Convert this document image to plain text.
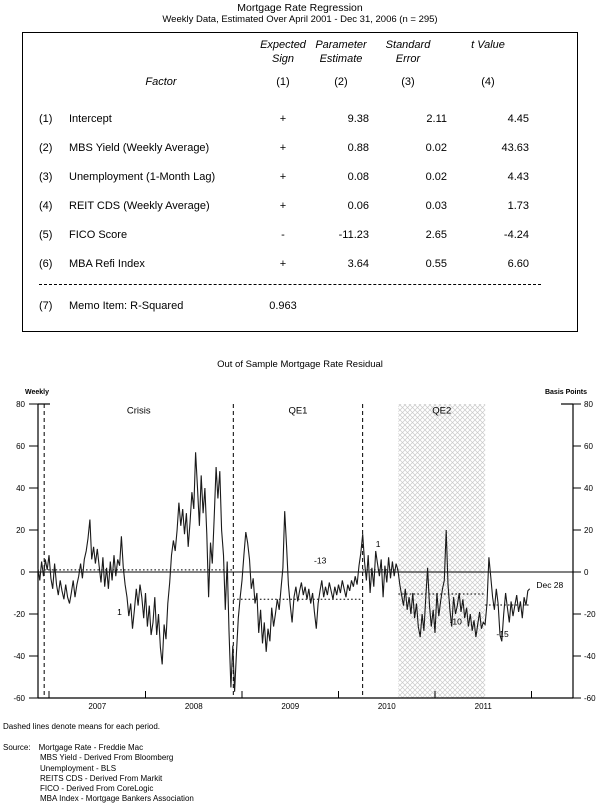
Mortgage Rate Regression
Weekly Data, Estimated Over April 2001 - Dec 31, 2006 (n = 295)
Expected Parameter	Standard	t Value
Sign	Estimate	Error
Factor	(1)	(2)	(3)	(4)
(1)	Intercept	+	9.38	2.11	4.45
(2)	MBS Yield (Weekly Average)	+	0.88	0.02	43.63
(3)	Unemployment (1-Month Lag)	+	0.08	0.02	4.43
(4)	REIT CDS (Weekly Average)	+	0.06	0.03	1.73
(5)	FICO Score	-	-11.23	2.65	-4.24
(6)	MBA Refi Index	+	3.64	0.55	6.60
(7)	Memo Item: R-Squared	0.963
80	80
60	60
40	40
20	20
0	0
-20	-20
-40	-40
-60	-60
2007	2008	2009	2010	2011
Out of Sample Mortgage Rate Residual
Weekly	Basis Points
Crisis	QE1	QE2
1
-13
1
-10
-15
Dec 28
Dashed lines denote means for each period.
Source: Mortgage Rate - Freddie Mac
MBS Yield - Derived From Bloomberg
Unemployment - BLS
REITS CDS - Derived From Markit
FICO - Derived From CoreLogic
MBA Index - Mortgage Bankers Association
